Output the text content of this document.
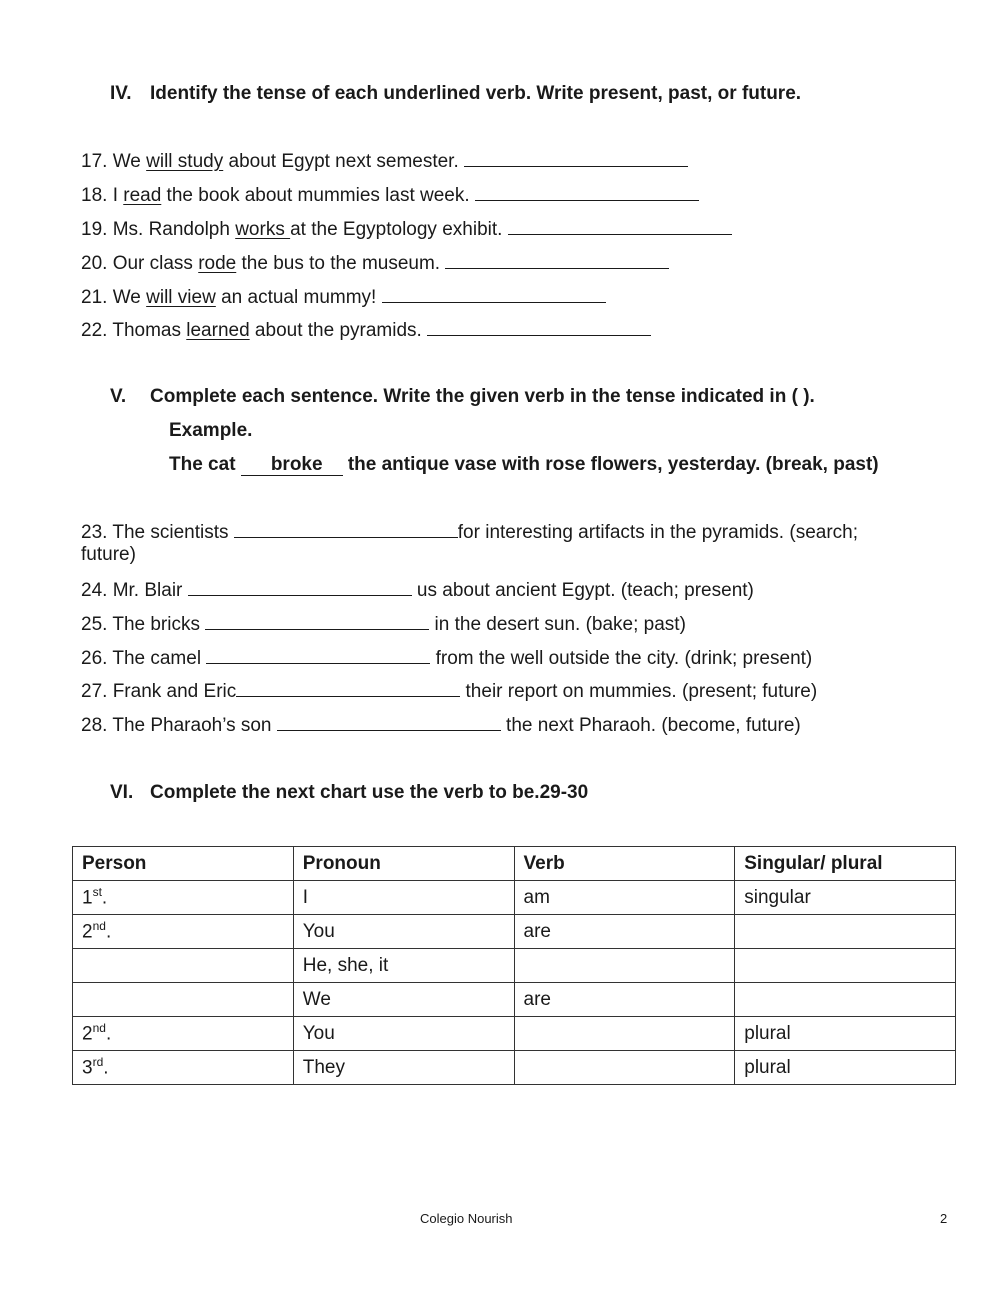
IV. Identify the tense of each underlined verb. Write present, past, or future.
17. We will study about Egypt next semester.
18. I read the book about mummies last week.
19. Ms. Randolph works at the Egyptology exhibit.
20. Our class rode the bus to the museum.
21. We will view an actual mummy!
22. Thomas learned about the pyramids.
V. Complete each sentence. Write the given verb in the tense indicated in ( ).
Example.
The cat broke the antique vase with rose flowers, yesterday. (break, past)
23. The scientists	for interesting artifacts in the pyramids. (search;
future)
24. Mr. Blair	us about ancient Egypt. (teach; present)
25. The bricks	in the desert sun. (bake; past)
26. The camel	from the well outside the city. (drink; present)
27. Frank and Eric	their report on mummies. (present; future)
28. The Pharaoh’s son	the next Pharaoh. (become, future)
VI. Complete the next chart use the verb to be.29-30
Person	Pronoun	Verb	Singular/ plural
1st.	I	am	singular
2nd.	You	are	
	He, she, it		
	We	are	
2nd.	You		plural
3rd.	They		plural
Colegio Nourish	2
